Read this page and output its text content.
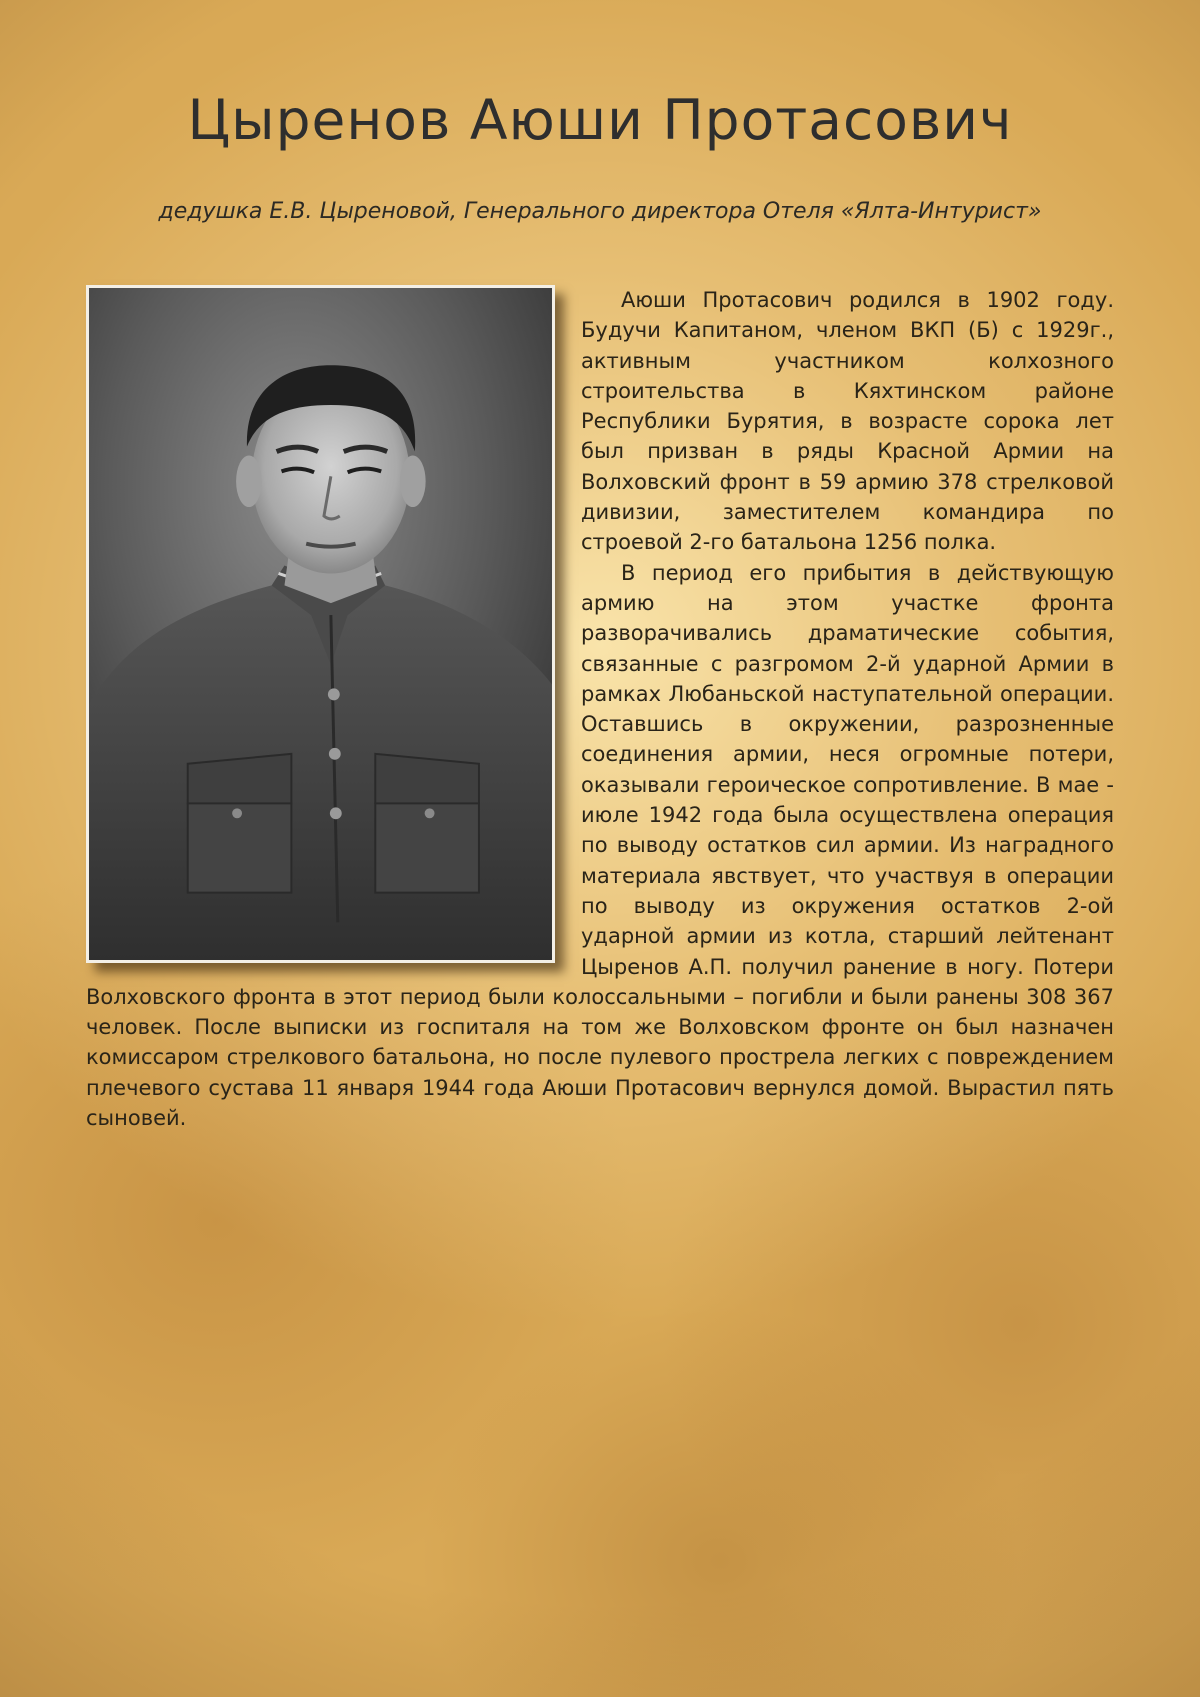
Цыренов Аюши Протасович

дедушка Е.В. Цыреновой, Генерального директора Отеля «Ялта-Интурист»

Аюши Протасович родился в 1902 году. Будучи Капитаном, членом ВКП (Б) с 1929г., активным участником колхозного строительства в Кяхтинском районе Республики Бурятия, в возрасте сорока лет был призван в ряды Красной Армии на Волховский фронт в 59 армию 378 стрелковой дивизии, заместителем командира по строевой 2-го батальона 1256 полка.

В период его прибытия в действующую армию на этом участке фронта разворачивались драматические события, связанные с разгромом 2-й ударной Армии в рамках Любаньской наступательной операции. Оставшись в окружении, разрозненные соединения армии, неся огромные потери, оказывали героическое сопротивление. В мае - июле 1942 года была осуществлена операция по выводу остатков сил армии. Из наградного материала явствует, что участвуя в операции по выводу из окружения остатков 2-ой ударной армии из котла, старший лейтенант Цыренов А.П. получил ранение в ногу. Потери Волховского фронта в этот период были колоссальными – погибли и были ранены 308 367 человек. После выписки из госпиталя на том же Волховском фронте он был назначен комиссаром стрелкового батальона, но после пулевого прострела легких с повреждением плечевого сустава 11 января 1944 года Аюши Протасович вернулся домой. Вырастил пять сыновей.
